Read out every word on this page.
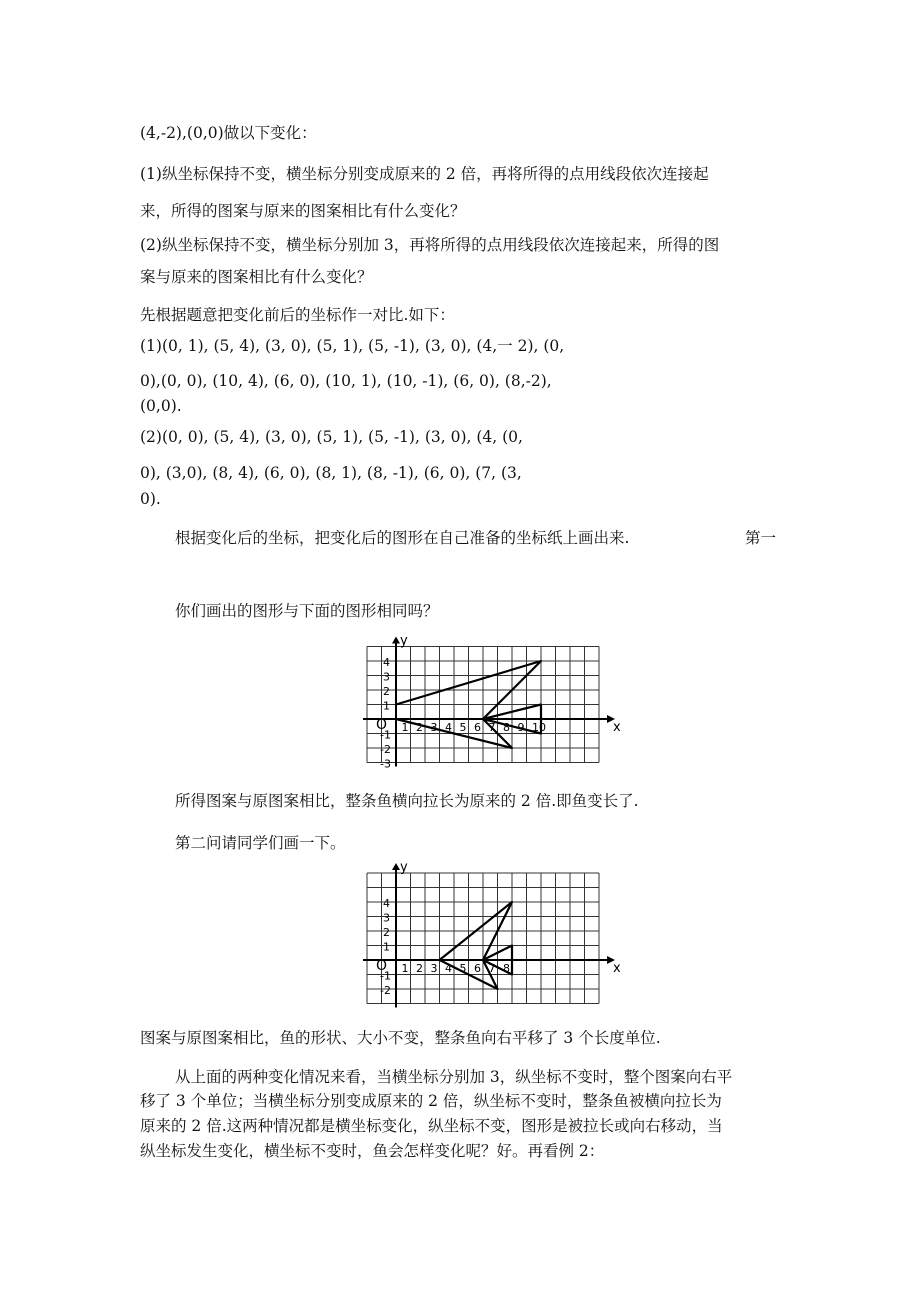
(4,-2),(0,0)做以下变化：
(1)纵坐标保持不变，横坐标分别变成原来的 2 倍，再将所得的点用线段依次连接起
来，所得的图案与原来的图案相比有什么变化？
(2)纵坐标保持不变，横坐标分别加 3，再将所得的点用线段依次连接起来，所得的图
案与原来的图案相比有什么变化？
先根据题意把变化前后的坐标作一对比.如下：
(1)(0, 1), (5, 4), (3, 0), (5, 1), (5, -1), (3, 0), (4,一 2), (0,
0),(0, 0), (10, 4), (6, 0), (10, 1), (10, -1), (6, 0), (8,-2),
(0,0).
(2)(0, 0), (5, 4), (3, 0), (5, 1), (5, -1), (3, 0), (4, (0,
0), (3,0), (8, 4), (6, 0), (8, 1), (8, -1), (6, 0), (7, (3,
0).
根据变化后的坐标，把变化后的图形在自己准备的坐标纸上画出来.	第一
你们画出的图形与下面的图形相同吗？
x
y
O 1 2 3 4 5 6 7 8 9 10
1
2
3
4
-1
-2
-3
所得图案与原图案相比，整条鱼横向拉长为原来的 2 倍.即鱼变长了.
第二问请同学们画一下。
x
y
O 1 2 3 4 5 6 7 8
1
2
3
4
-1
-2
图案与原图案相比，鱼的形状、大小不变，整条鱼向右平移了 3 个长度单位.
从上面的两种变化情况来看，当横坐标分别加 3，纵坐标不变时，整个图案向右平
移了 3 个单位；当横坐标分别变成原来的 2 倍，纵坐标不变时，整条鱼被横向拉长为
原来的 2 倍.这两种情况都是横坐标变化，纵坐标不变，图形是被拉长或向右移动，当
纵坐标发生变化，横坐标不变时，鱼会怎样变化呢？好。再看例 2：
